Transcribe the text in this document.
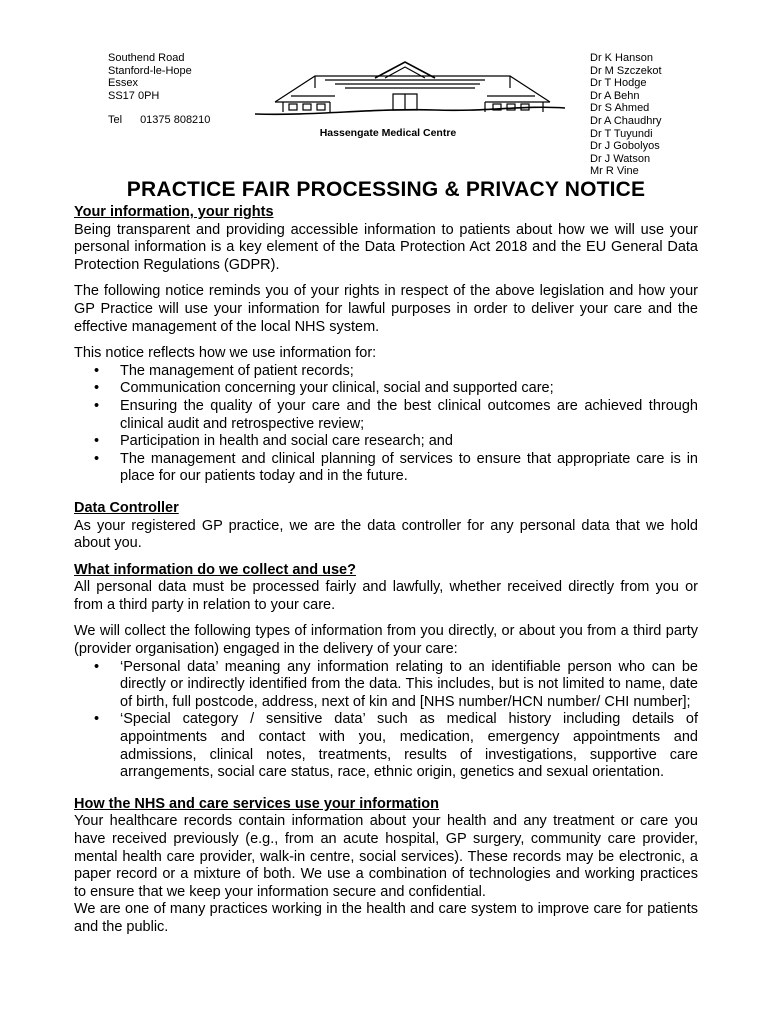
Southend Road
Stanford-le-Hope
Essex
SS17 0PH
Tel 01375 808210
Hassengate Medical Centre
Dr K Hanson
Dr M Szczekot
Dr T Hodge
Dr A Behn
Dr S Ahmed
Dr A Chaudhry
Dr T Tuyundi
Dr J Gobolyos
Dr J Watson
Mr R Vine
PRACTICE FAIR PROCESSING & PRIVACY NOTICE

Your information, your rights

Being transparent and providing accessible information to patients about how we will use your personal information is a key element of the Data Protection Act 2018 and the EU General Data Protection Regulations (GDPR).

The following notice reminds you of your rights in respect of the above legislation and how your GP Practice will use your information for lawful purposes in order to deliver your care and the effective management of the local NHS system.

This notice reflects how we use information for:

• The management of patient records;
• Communication concerning your clinical, social and supported care;
• Ensuring the quality of your care and the best clinical outcomes are achieved through clinical audit and retrospective review;
• Participation in health and social care research; and
• The management and clinical planning of services to ensure that appropriate care is in place for our patients today and in the future.

Data Controller

As your registered GP practice, we are the data controller for any personal data that we hold about you.

What information do we collect and use?

All personal data must be processed fairly and lawfully, whether received directly from you or from a third party in relation to your care.

We will collect the following types of information from you directly, or about you from a third party (provider organisation) engaged in the delivery of your care:

• ‘Personal data’ meaning any information relating to an identifiable person who can be directly or indirectly identified from the data. This includes, but is not limited to name, date of birth, full postcode, address, next of kin and [NHS number/HCN number/ CHI number];
• ‘Special category / sensitive data’ such as medical history including details of appointments and contact with you, medication, emergency appointments and admissions, clinical notes, treatments, results of investigations, supportive care arrangements, social care status, race, ethnic origin, genetics and sexual orientation.

How the NHS and care services use your information

Your healthcare records contain information about your health and any treatment or care you have received previously (e.g., from an acute hospital, GP surgery, community care provider, mental health care provider, walk-in centre, social services). These records may be electronic, a paper record or a mixture of both. We use a combination of technologies and working practices to ensure that we keep your information secure and confidential.

We are one of many practices working in the health and care system to improve care for patients and the public.
